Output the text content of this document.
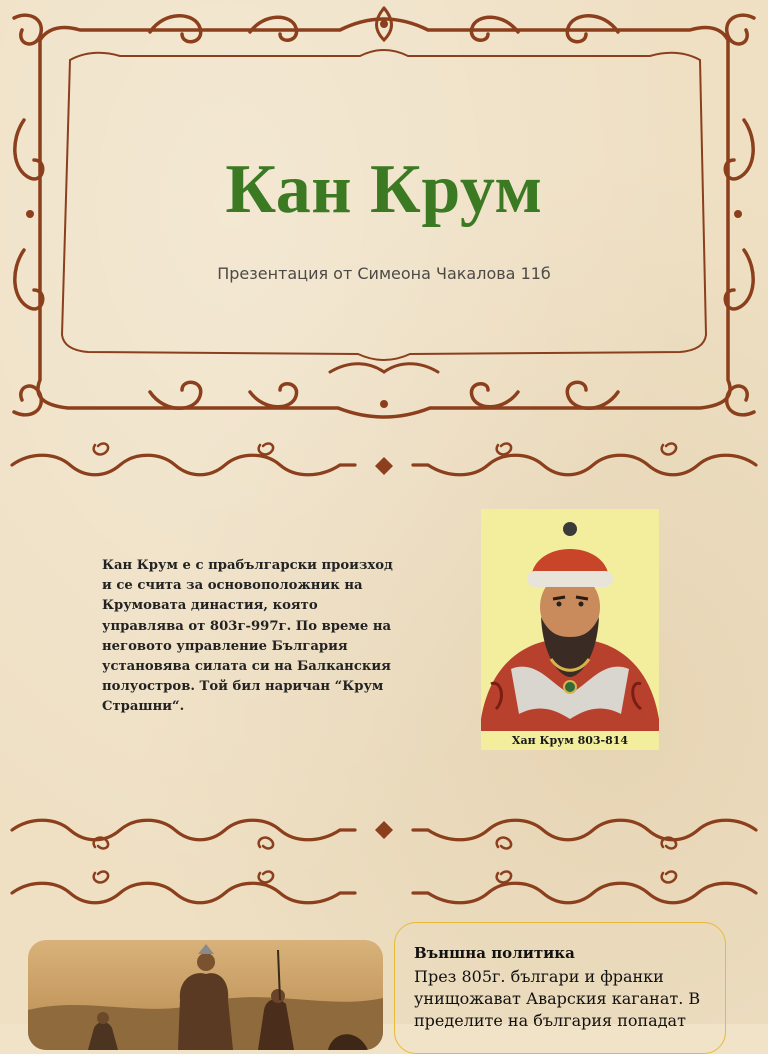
Кан Крум
Презентация от Симеона Чакалова 11б
Кан Крум е с прабългарски произход и се счита за основоположник на Крумовата династия, която управлява от 803г-997г. По време на неговото управление България установява силата си на Балканския полуостров. Той бил наричан “Крум Страшни“.
Хан Крум 803-814
Външна политика
През 805г. българи и франки унищожават Аварския каганат. В пределите на българия попадат
